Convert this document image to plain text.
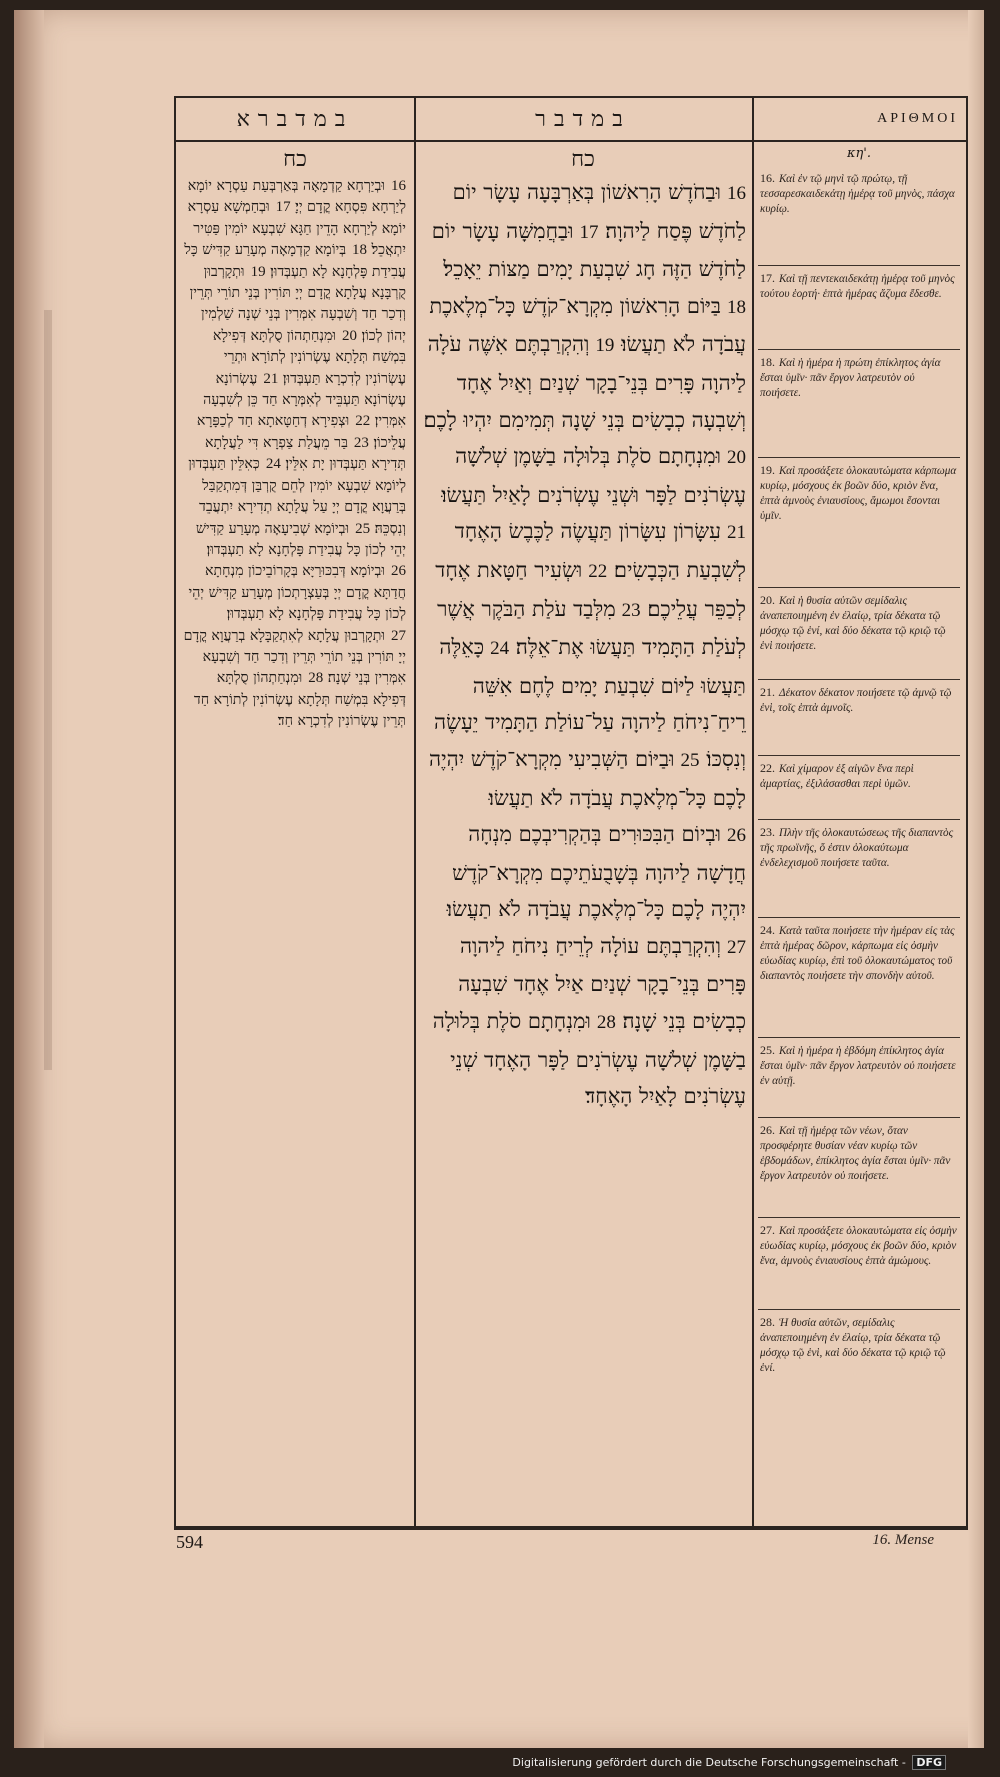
במדברא
כח
16וּבְיַרְחָא קַדְמָאָה בְּאַרְבְּעַת עַסְרָא יוֹמָא לְיַרְחָא פִּסְחָא קֳדָם יְיָ׃ 17וּבְחַמְשָׁא עַסְרָא יוֹמָא לְיַרְחָא הָדֵין חַגָּא שִׁבְעָא יוֹמִין פַּטִּיר יִתְאֲכֵל׃ 18בְּיוֹמָא קַדְמָאָה מְעָרַע קַדִּישׁ כָּל עֲבִידַת פָּלְחָנָא לָא תַעְבְּדוּן׃ 19וּתְקָרְבוּן קֻרְבָּנָא עֲלָתָא קֳדָם יְיָ תּוֹרִין בְּנֵי תוֹרֵי תְּרֵין וְדִכַר חַד וְשִׁבְעָה אִמְּרִין בְּנֵי שְׁנָה שַׁלְמִין יְהוֹן לְכוֹן׃ 20וּמִנְחַתְהוֹן סֻלְתָּא דְּפִילָא בִּמְשַׁח תְּלָתָא עֶשְׂרוֹנִין לְתוֹרָא וּתְרֵי עֶשְׂרוֹנִין לְדִכְרָא תַּעְבְּדוּן׃ 21עֶשְׂרוֹנָא עֶשְׂרוֹנָא תַּעְבֵּיד לְאִמְּרָא חַד כֵּן לְשִׁבְעָה אִמְּרִין׃ 22וּצְפִירָא דְחַטָּאתָא חַד לְכַפָּרָא עֲלֵיכוֹן׃ 23בַּר מֵעֲלַת צַפְרָא דִּי לַעֲלָתָא תְּדִירָא תַּעְבְּדוּן יָת אִלֵּין׃ 24כְּאִלֵּין תַּעְבְּדוּן לְיוֹמָא שִׁבְעָא יוֹמִין לְחֵם קֻרְבַּן דְּמִתְקַבַּל בְּרַעֲוָא קֳדָם יְיָ עַל עֲלָתָא תְדִירָא יִתְעֲבֵד וְנִסְכֵּהּ׃ 25וּבְיוֹמָא שְׁבִיעָאָה מְעָרַע קַדִּישׁ יְהֵי לְכוֹן כָּל עֲבִידַת פָּלְחָנָא לָא תַעְבְּדוּן׃ 26וּבְיוֹמָא דְּבִכּוּרַיָּא בְּקָרוֹבֵיכוֹן מִנְחָתָא חֲדַתָּא קֳדָם יְיָ בְּעַצְרָתְכוֹן מְעָרַע קַדִּישׁ יְהֵי לְכוֹן כָּל עֲבִידַת פָּלְחָנָא לָא תַעְבְּדוּן׃ 27וּתְקָרְבוּן עֲלָתָא לְאִתְקַבָּלָא בְרַעֲוָא קֳדָם יְיָ תּוֹרִין בְּנֵי תוֹרֵי תְּרֵין וְדִכַר חַד וְשִׁבְעָא אִמְּרִין בְּנֵי שְׁנָה׃ 28וּמִנְחַתְהוֹן סֻלְתָּא דְּפִילָא בִּמְשַׁח תְּלָתָא עֶשְׂרוֹנִין לְתוֹרָא חַד תְּרֵין עֶשְׂרוֹנִין לְדִכְרָא חַד׃
במדבר
כח
16וּבַחֹדֶשׁ הָרִאשׁוֹן בְּאַרְבָּעָה עָשָׂר יוֹם לַחֹדֶשׁ פֶּסַח לַיהוָה׃ 17וּבַחֲמִשָּׁה עָשָׂר יוֹם לַחֹדֶשׁ הַזֶּה חָג שִׁבְעַת יָמִים מַצּוֹת יֵאָכֵל׃ 18בַּיּוֹם הָרִאשׁוֹן מִקְרָא־קֹדֶשׁ כָּל־מְלֶאכֶת עֲבֹדָה לֹא תַעֲשׂוּ׃ 19וְהִקְרַבְתֶּם אִשֶּׁה עֹלָה לַיהוָה פָּרִים בְּנֵי־בָקָר שְׁנַיִם וְאַיִל אֶחָד וְשִׁבְעָה כְבָשִׂים בְּנֵי שָׁנָה תְּמִימִם יִהְיוּ לָכֶם׃ 20וּמִנְחָתָם סֹלֶת בְּלוּלָה בַשָּׁמֶן שְׁלֹשָׁה עֶשְׂרֹנִים לַפָּר וּשְׁנֵי עֶשְׂרֹנִים לָאַיִל תַּעֲשׂוּ׃ 21עִשָּׂרוֹן עִשָּׂרוֹן תַּעֲשֶׂה לַכֶּבֶשׂ הָאֶחָד לְשִׁבְעַת הַכְּבָשִׂים׃ 22וּשְׂעִיר חַטָּאת אֶחָד לְכַפֵּר עֲלֵיכֶם׃ 23מִלְּבַד עֹלַת הַבֹּקֶר אֲשֶׁר לְעֹלַת הַתָּמִיד תַּעֲשׂוּ אֶת־אֵלֶּה׃ 24כָּאֵלֶּה תַּעֲשׂוּ לַיּוֹם שִׁבְעַת יָמִים לֶחֶם אִשֵּׁה רֵיחַ־נִיחֹחַ לַיהוָה עַל־עוֹלַת הַתָּמִיד יֵעָשֶׂה וְנִסְכּוֹ׃ 25וּבַיּוֹם הַשְּׁבִיעִי מִקְרָא־קֹדֶשׁ יִהְיֶה לָכֶם כָּל־מְלֶאכֶת עֲבֹדָה לֹא תַעֲשׂוּ׃ 26וּבְיוֹם הַבִּכּוּרִים בְּהַקְרִיבְכֶם מִנְחָה חֲדָשָׁה לַיהוָה בְּשָׁבֻעֹתֵיכֶם מִקְרָא־קֹדֶשׁ יִהְיֶה לָכֶם כָּל־מְלֶאכֶת עֲבֹדָה לֹא תַעֲשׂוּ׃ 27וְהִקְרַבְתֶּם עוֹלָה לְרֵיחַ נִיחֹחַ לַיהוָה פָּרִים בְּנֵי־בָקָר שְׁנַיִם אַיִל אֶחָד שִׁבְעָה כְבָשִׂים בְּנֵי שָׁנָה׃ 28וּמִנְחָתָם סֹלֶת בְּלוּלָה בַשָּׁמֶן שְׁלֹשָׁה עֶשְׂרֹנִים לַפָּר הָאֶחָד שְׁנֵי עֶשְׂרֹנִים לָאַיִל הָאֶחָד׃
ΑΡΙΘΜΟΙ
κη'.
16. Καὶ ἐν τῷ μηνὶ τῷ πρώτῳ, τῇ τεσσαρεσκαιδεκάτῃ ἡμέρᾳ τοῦ μηνὸς, πάσχα κυρίῳ.
17. Καὶ τῇ πεντεκαιδεκάτῃ ἡμέρᾳ τοῦ μηνὸς τούτου ἑορτή· ἑπτὰ ἡμέρας ἄζυμα ἔδεσθε.
18. Καὶ ἡ ἡμέρα ἡ πρώτη ἐπίκλητος ἁγία ἔσται ὑμῖν· πᾶν ἔργον λατρευτὸν οὐ ποιήσετε.
19. Καὶ προσάξετε ὁλοκαυτώματα κάρπωμα κυρίῳ, μόσχους ἐκ βοῶν δύο, κριὸν ἕνα, ἑπτὰ ἀμνοὺς ἐνιαυσίους, ἄμωμοι ἔσονται ὑμῖν.
20. Καὶ ἡ θυσία αὐτῶν σεμίδαλις ἀναπεποιημένη ἐν ἐλαίῳ, τρία δέκατα τῷ μόσχῳ τῷ ἑνί, καὶ δύο δέκατα τῷ κριῷ τῷ ἑνὶ ποιήσετε.
21. Δέκατον δέκατον ποιήσετε τῷ ἀμνῷ τῷ ἑνὶ, τοῖς ἑπτὰ ἀμνοῖς.
22. Καὶ χίμαρον ἐξ αἰγῶν ἕνα περὶ ἁμαρτίας, ἐξιλάσασθαι περὶ ὑμῶν.
23. Πλὴν τῆς ὁλοκαυτώσεως τῆς διαπαντὸς τῆς πρωϊνῆς, ὅ ἐστιν ὁλοκαύτωμα ἐνδελεχισμοῦ ποιήσετε ταῦτα.
24. Κατὰ ταῦτα ποιήσετε τὴν ἡμέραν εἰς τὰς ἑπτὰ ἡμέρας δῶρον, κάρπωμα εἰς ὀσμὴν εὐωδίας κυρίῳ, ἐπὶ τοῦ ὁλοκαυτώματος τοῦ διαπαντὸς ποιήσετε τὴν σπονδὴν αὐτοῦ.
25. Καὶ ἡ ἡμέρα ἡ ἑβδόμη ἐπίκλητος ἁγία ἔσται ὑμῖν· πᾶν ἔργον λατρευτὸν οὐ ποιήσετε ἐν αὐτῇ.
26. Καὶ τῇ ἡμέρᾳ τῶν νέων, ὅταν προσφέρητε θυσίαν νέαν κυρίῳ τῶν ἑβδομάδων, ἐπίκλητος ἁγία ἔσται ὑμῖν· πᾶν ἔργον λατρευτὸν οὐ ποιήσετε.
27. Καὶ προσάξετε ὁλοκαυτώματα εἰς ὀσμὴν εὐωδίας κυρίῳ, μόσχους ἐκ βοῶν δύο, κριὸν ἕνα, ἀμνοὺς ἐνιαυσίους ἑπτὰ ἀμώμους.
28. Ἡ θυσία αὐτῶν, σεμίδαλις ἀναπεποιημένη ἐν ἐλαίῳ, τρία δέκατα τῷ μόσχῳ τῷ ἑνὶ, καὶ δύο δέκατα τῷ κριῷ τῷ ἑνί.
594	16. Mense
Digitalisierung gefördert durch die Deutsche Forschungsgemeinschaft - DFG
